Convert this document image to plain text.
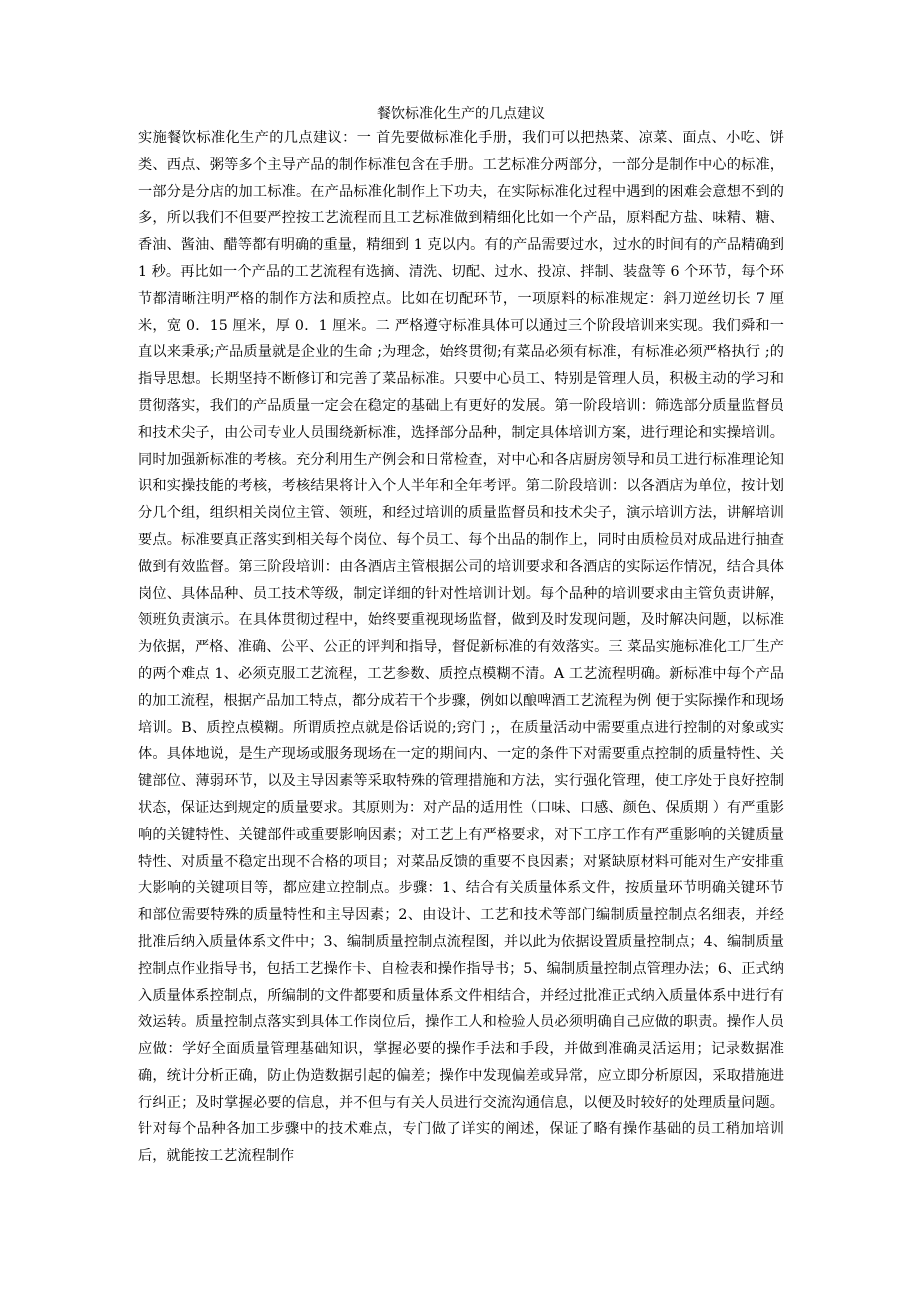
餐饮标准化生产的几点建议

实施餐饮标准化生产的几点建议：一 首先要做标准化手册，我们可以把热菜、凉菜、面点、小吃、饼类、西点、粥等多个主导产品的制作标准包含在手册。工艺标准分两部分，一部分是制作中心的标准，一部分是分店的加工标准。在产品标准化制作上下功夫，在实际标准化过程中遇到的困难会意想不到的多，所以我们不但要严控按工艺流程而且工艺标准做到精细化比如一个产品，原料配方盐、味精、糖、香油、酱油、醋等都有明确的重量，精细到 1 克以内。有的产品需要过水，过水的时间有的产品精确到 1 秒。再比如一个产品的工艺流程有选摘、清洗、切配、过水、投凉、拌制、装盘等 6 个环节，每个环节都清晰注明严格的制作方法和质控点。比如在切配环节，一项原料的标准规定：斜刀逆丝切长 7 厘米，宽 0．15 厘米，厚 0．1 厘米。二 严格遵守标准具体可以通过三个阶段培训来实现。我们舜和一直以来秉承;产品质量就是企业的生命 ;为理念，始终贯彻;有菜品必须有标准，有标准必须严格执行 ;的指导思想。长期坚持不断修订和完善了菜品标准。只要中心员工、特别是管理人员，积极主动的学习和贯彻落实，我们的产品质量一定会在稳定的基础上有更好的发展。第一阶段培训：筛选部分质量监督员和技术尖子，由公司专业人员围绕新标准，选择部分品种，制定具体培训方案，进行理论和实操培训。同时加强新标准的考核。充分利用生产例会和日常检查，对中心和各店厨房领导和员工进行标准理论知识和实操技能的考核，考核结果将计入个人半年和全年考评。第二阶段培训：以各酒店为单位，按计划分几个组，组织相关岗位主管、领班，和经过培训的质量监督员和技术尖子，演示培训方法，讲解培训要点。标准要真正落实到相关每个岗位、每个员工、每个出品的制作上，同时由质检员对成品进行抽查做到有效监督。第三阶段培训：由各酒店主管根据公司的培训要求和各酒店的实际运作情况，结合具体岗位、具体品种、员工技术等级，制定详细的针对性培训计划。每个品种的培训要求由主管负责讲解，领班负责演示。在具体贯彻过程中，始终要重视现场监督，做到及时发现问题，及时解决问题，以标准为依据，严格、准确、公平、公正的评判和指导，督促新标准的有效落实。三 菜品实施标准化工厂生产的两个难点 1、必须克服工艺流程，工艺参数、质控点模糊不清。A 工艺流程明确。新标准中每个产品的加工流程，根据产品加工特点，都分成若干个步骤，例如以酿啤酒工艺流程为例 便于实际操作和现场培训。B、质控点模糊。所谓质控点就是俗话说的;窍门 ;，在质量活动中需要重点进行控制的对象或实体。具体地说，是生产现场或服务现场在一定的期间内、一定的条件下对需要重点控制的质量特性、关键部位、薄弱环节，以及主导因素等采取特殊的管理措施和方法，实行强化管理，使工序处于良好控制状态，保证达到规定的质量要求。其原则为：对产品的适用性（口味、口感、颜色、保质期 ）有严重影响的关键特性、关键部件或重要影响因素；对工艺上有严格要求，对下工序工作有严重影响的关键质量特性、对质量不稳定出现不合格的项目；对菜品反馈的重要不良因素；对紧缺原材料可能对生产安排重大影响的关键项目等，都应建立控制点。步骤：1、结合有关质量体系文件，按质量环节明确关键环节和部位需要特殊的质量特性和主导因素；2、由设计、工艺和技术等部门编制质量控制点名细表，并经批准后纳入质量体系文件中；3、编制质量控制点流程图，并以此为依据设置质量控制点；4、编制质量控制点作业指导书，包括工艺操作卡、自检表和操作指导书；5、编制质量控制点管理办法；6、正式纳入质量体系控制点，所编制的文件都要和质量体系文件相结合，并经过批准正式纳入质量体系中进行有效运转。质量控制点落实到具体工作岗位后，操作工人和检验人员必须明确自己应做的职责。操作人员应做：学好全面质量管理基础知识，掌握必要的操作手法和手段，并做到准确灵活运用；记录数据准确，统计分析正确，防止伪造数据引起的偏差；操作中发现偏差或异常，应立即分析原因，采取措施进行纠正；及时掌握必要的信息，并不但与有关人员进行交流沟通信息，以便及时较好的处理质量问题。针对每个品种各加工步骤中的技术难点，专门做了详实的阐述，保证了略有操作基础的员工稍加培训后，就能按工艺流程制作
